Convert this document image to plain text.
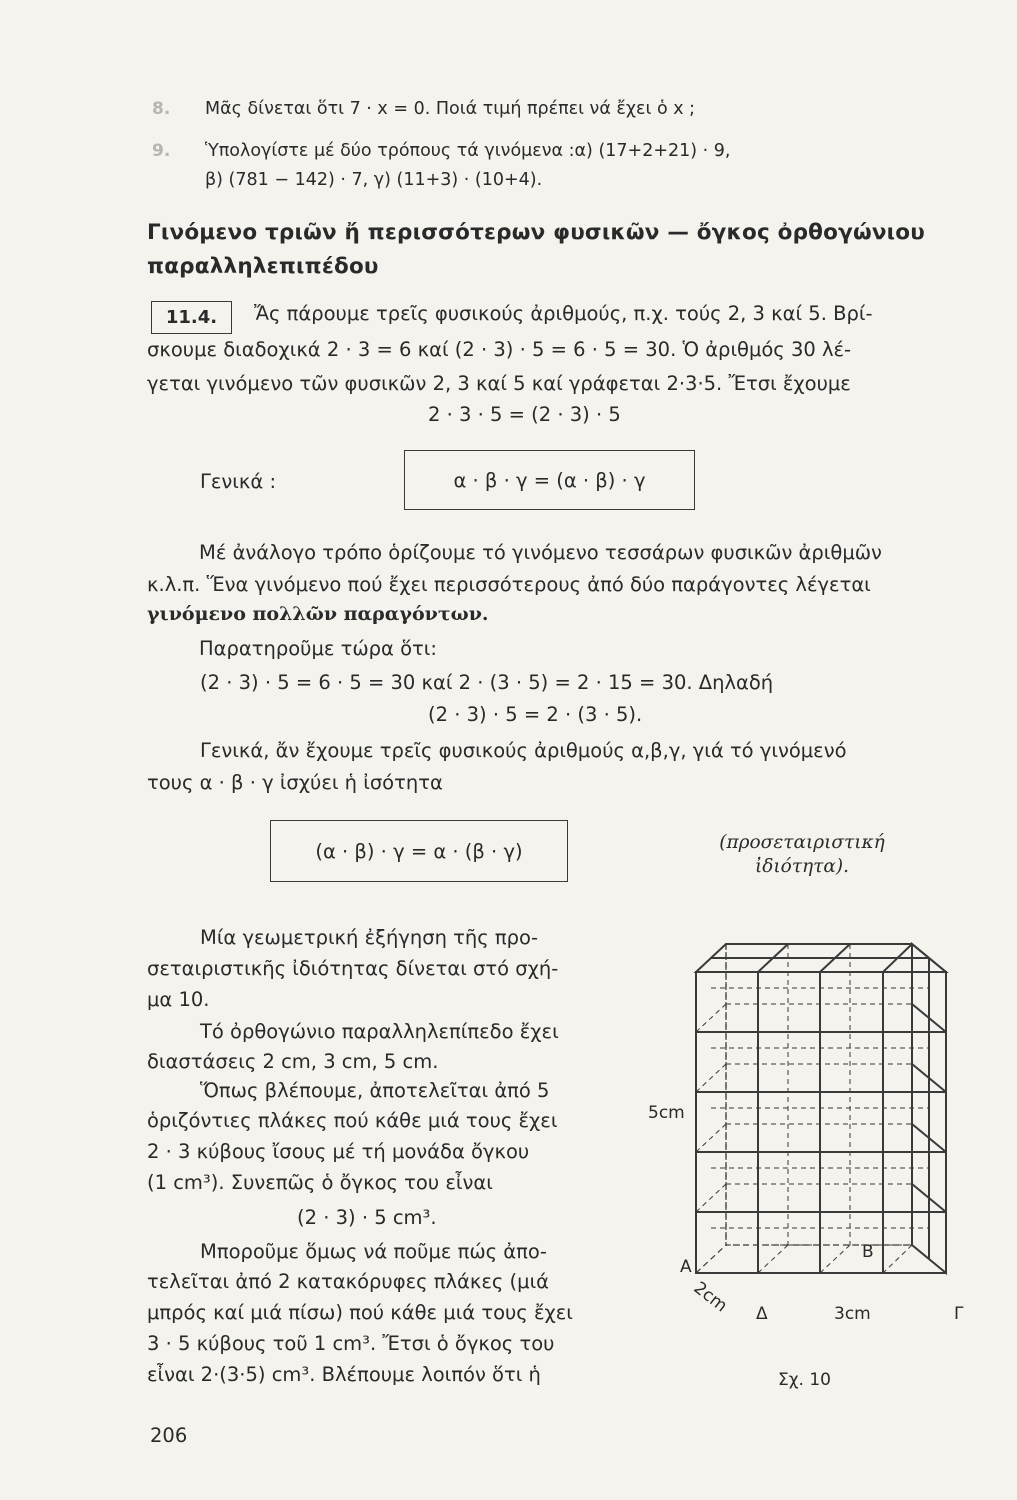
8. Μᾶς δίνεται ὅτι 7 · x = 0. Ποιά τιμή πρέπει νά ἔχει ὁ x ;
9. Ὑπολογίστε μέ δύο τρόπους τά γινόμενα :α) (17+2+21) · 9,
β) (781 − 142) · 7, γ) (11+3) · (10+4).
Γινόμενο τριῶν ἤ περισσότερων φυσικῶν — ὄγκος ὀρθογώνιου
παραλληλεπιπέδου
11.4. Ἄς πάρουμε τρεῖς φυσικούς ἀριθμούς, π.χ. τούς 2, 3 καί 5. Βρί-
σκουμε διαδοχικά 2 · 3 = 6 καί (2 · 3) · 5 = 6 · 5 = 30. Ὁ ἀριθμός 30 λέ-
γεται γινόμενο τῶν φυσικῶν 2, 3 καί 5 καί γράφεται 2·3·5. Ἔτσι ἔχουμε
2 · 3 · 5 = (2 · 3) · 5
Γενικά :	α · β · γ = (α · β) · γ
Μέ ἀνάλογο τρόπο ὁρίζουμε τό γινόμενο τεσσάρων φυσικῶν ἀριθμῶν
κ.λ.π. Ἕνα γινόμενο πού ἔχει περισσότερους ἀπό δύο παράγοντες λέγεται
γινόμενο πολλῶν παραγόντων.
Παρατηροῦμε τώρα ὅτι:
(2 · 3) · 5 = 6 · 5 = 30 καί 2 · (3 · 5) = 2 · 15 = 30. Δηλαδή
(2 · 3) · 5 = 2 · (3 · 5).
Γενικά, ἄν ἔχουμε τρεῖς φυσικούς ἀριθμούς α,β,γ, γιά τό γινόμενό
τους α · β · γ ἰσχύει ἡ ἰσότητα
(α · β) · γ = α · (β · γ)	(προσεταιριστική
ἰδιότητα).
Μία γεωμετρική ἐξήγηση τῆς προ-
σεταιριστικῆς ἰδιότητας δίνεται στό σχή-
μα 10.
Τό ὀρθογώνιο παραλληλεπίπεδο ἔχει
διαστάσεις 2 cm, 3 cm, 5 cm.
Ὅπως βλέπουμε, ἀποτελεῖται ἀπό 5
ὁριζόντιες πλάκες πού κάθε μιά τους ἔχει
2 · 3 κύβους ἴσους μέ τή μονάδα ὄγκου
(1 cm³). Συνεπῶς ὁ ὄγκος του εἶναι
(2 · 3) · 5 cm³.
Μποροῦμε ὅμως νά ποῦμε πώς ἀπο-
τελεῖται ἀπό 2 κατακόρυφες πλάκες (μιά
μπρός καί μιά πίσω) πού κάθε μιά τους ἔχει
3 · 5 κύβους τοῦ 1 cm³. Ἔτσι ὁ ὄγκος του
εἶναι 2·(3·5) cm³. Βλέπουμε λοιπόν ὅτι ἡ
5cm
Α
Β
2cm Δ	3cm	Γ
Σχ. 10
206
